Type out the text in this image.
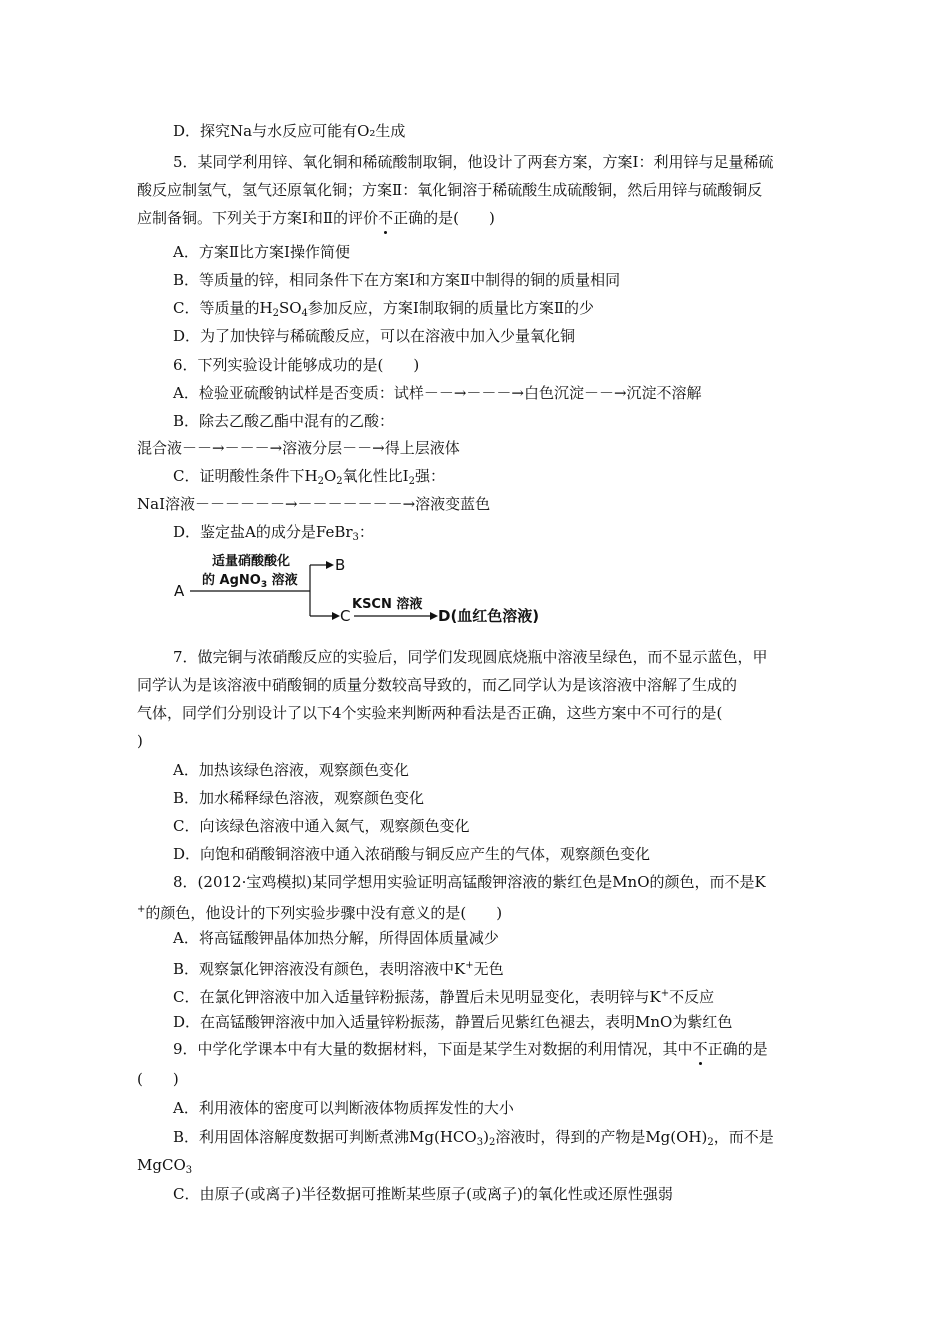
D．探究Na与水反应可能有O₂生成
5．某同学利用锌、氧化铜和稀硫酸制取铜，他设计了两套方案，方案Ⅰ：利用锌与足量稀硫
酸反应制氢气，氢气还原氧化铜；方案Ⅱ：氧化铜溶于稀硫酸生成硫酸铜，然后用锌与硫酸铜反
应制备铜。下列关于方案Ⅰ和Ⅱ的评价不正确的是(　　)
A．方案Ⅱ比方案Ⅰ操作简便
B．等质量的锌，相同条件下在方案Ⅰ和方案Ⅱ中制得的铜的质量相同
C．等质量的$H_2SO_4$参加反应，方案Ⅰ制取铜的质量比方案Ⅱ的少
D．为了加快锌与稀硫酸反应，可以在溶液中加入少量氧化铜
6．下列实验设计能够成功的是(　　)
A．检验亚硫酸钠试样是否变质：试样－－→－－－→白色沉淀－－→沉淀不溶解
B．除去乙酸乙酯中混有的乙酸：
混合液－－→－－－→溶液分层－－→得上层液体
C．证明酸性条件下$H_2O_2$氧化性比$I_2$强：
NaI溶液－－－－－－→－－－－－－－→溶液变蓝色
D．鉴定盐A的成分是FeBr$_3$：
A
B
适量硝酸酸化
的 AgNO$_3$ 溶液
C
KSCN 溶液
D(血红色溶液)
7．做完铜与浓硝酸反应的实验后，同学们发现圆底烧瓶中溶液呈绿色，而不显示蓝色，甲
同学认为是该溶液中硝酸铜的质量分数较高导致的，而乙同学认为是该溶液中溶解了生成的
气体，同学们分别设计了以下4个实验来判断两种看法是否正确，这些方案中不可行的是(
)
A．加热该绿色溶液，观察颜色变化
B．加水稀释绿色溶液，观察颜色变化
C．向该绿色溶液中通入氮气，观察颜色变化
D．向饱和硝酸铜溶液中通入浓硝酸与铜反应产生的气体，观察颜色变化
8．(2012·宝鸡模拟)某同学想用实验证明高锰酸钾溶液的紫红色是MnO的颜色，而不是K
+的颜色，他设计的下列实验步骤中没有意义的是(　　)
A．将高锰酸钾晶体加热分解，所得固体质量减少
B．观察氯化钾溶液没有颜色，表明溶液中K+无色
C．在氯化钾溶液中加入适量锌粉振荡，静置后未见明显变化，表明锌与K+不反应
D．在高锰酸钾溶液中加入适量锌粉振荡，静置后见紫红色褪去，表明MnO为紫红色
9．中学化学课本中有大量的数据材料，下面是某学生对数据的利用情况，其中不正确的是
(　　)
A．利用液体的密度可以判断液体物质挥发性的大小
B．利用固体溶解度数据可判断煮沸$Mg(HCO_3)_2$溶液时，得到的产物是$Mg(OH)_2$，而不是
MgCO$_3$
C．由原子(或离子)半径数据可推断某些原子(或离子)的氧化性或还原性强弱
